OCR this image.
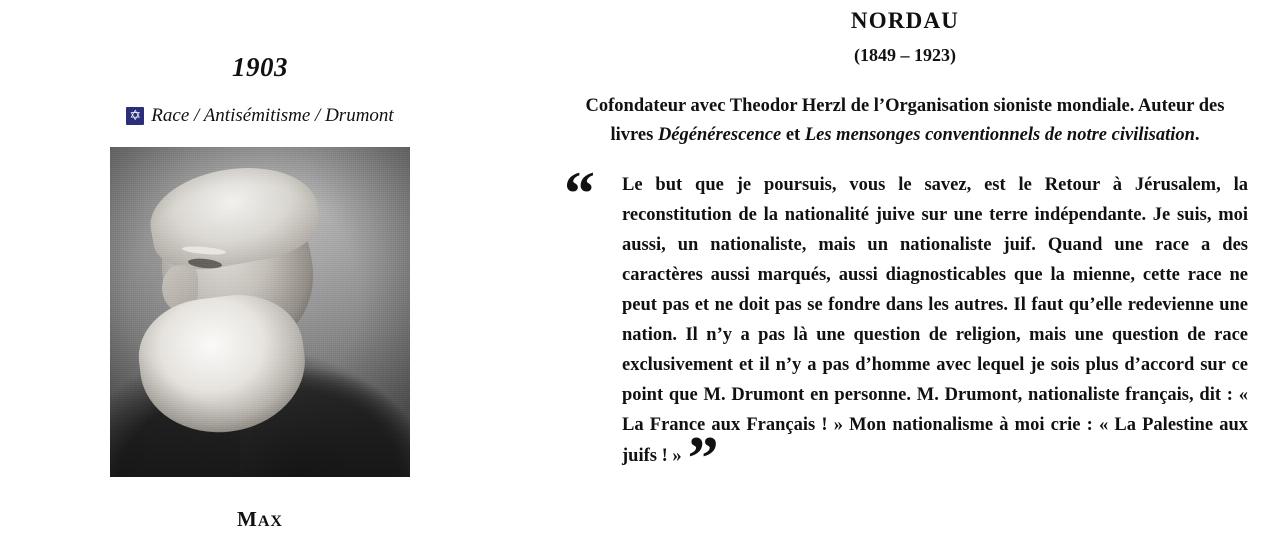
1903
✡
Race / Antisémitisme / Drumont
MAX
NORDAU
(1849 – 1923)
Cofondateur avec Theodor Herzl de l’Organisation sioniste mondiale. Auteur des livres Dégénérescence et Les mensonges conventionnels de notre civilisation.
“ Le but que je poursuis, vous le savez, est le Retour à Jérusalem, la reconstitution de la nationalité juive sur une terre indépendante. Je suis, moi aussi, un nationaliste, mais un nationaliste juif. Quand une race a des caractères aussi marqués, aussi diagnosticables que la mienne, cette race ne peut pas et ne doit pas se fondre dans les autres. Il faut qu’elle redevienne une nation. Il n’y a pas là une question de religion, mais une question de race exclusivement et il n’y a pas d’homme avec lequel je sois plus d’accord sur ce point que M. Drumont en personne. M. Drumont, nationaliste français, dit : « La France aux Français ! » Mon nationalisme à moi crie : « La Palestine aux juifs ! »”
